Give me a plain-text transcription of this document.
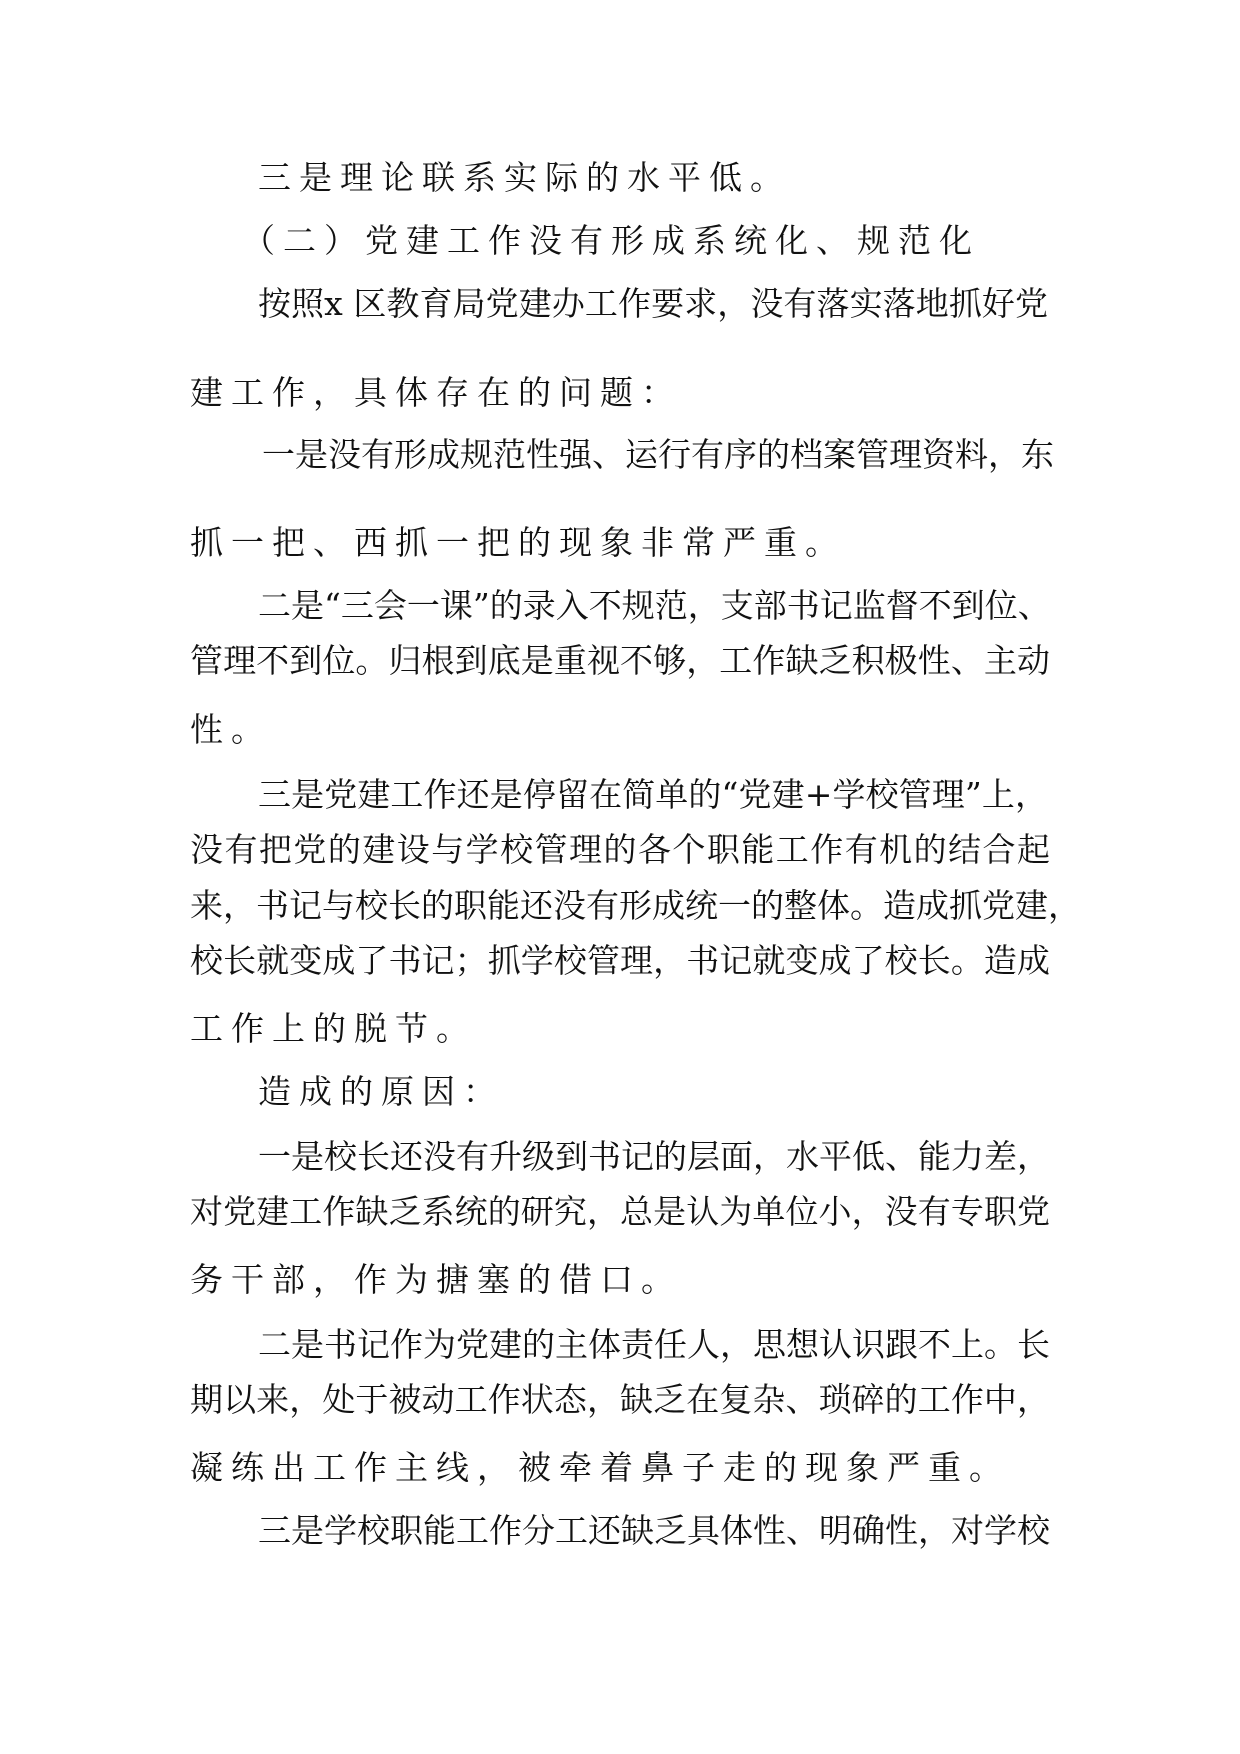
三是理论联系实际的水平低。
（二）党建工作没有形成系统化、规范化
按照x 区教育局党建办工作要求，没有落实落地抓好党
建工作，具体存在的问题：
一是没有形成规范性强、运行有序的档案管理资料，东
抓一把、西抓一把的现象非常严重。
二是“三会一课”的录入不规范，支部书记监督不到位、
管理不到位。归根到底是重视不够，工作缺乏积极性、主动
性。
三是党建工作还是停留在简单的“党建+学校管理”上，
没有把党的建设与学校管理的各个职能工作有机的结合起
来，书记与校长的职能还没有形成统一的整体。造成抓党建，
校长就变成了书记；抓学校管理，书记就变成了校长。造成
工作上的脱节。
造成的原因：
一是校长还没有升级到书记的层面，水平低、能力差，
对党建工作缺乏系统的研究，总是认为单位小，没有专职党
务干部，作为搪塞的借口。
二是书记作为党建的主体责任人，思想认识跟不上。长
期以来，处于被动工作状态，缺乏在复杂、琐碎的工作中，
凝练出工作主线，被牵着鼻子走的现象严重。
三是学校职能工作分工还缺乏具体性、明确性，对学校
